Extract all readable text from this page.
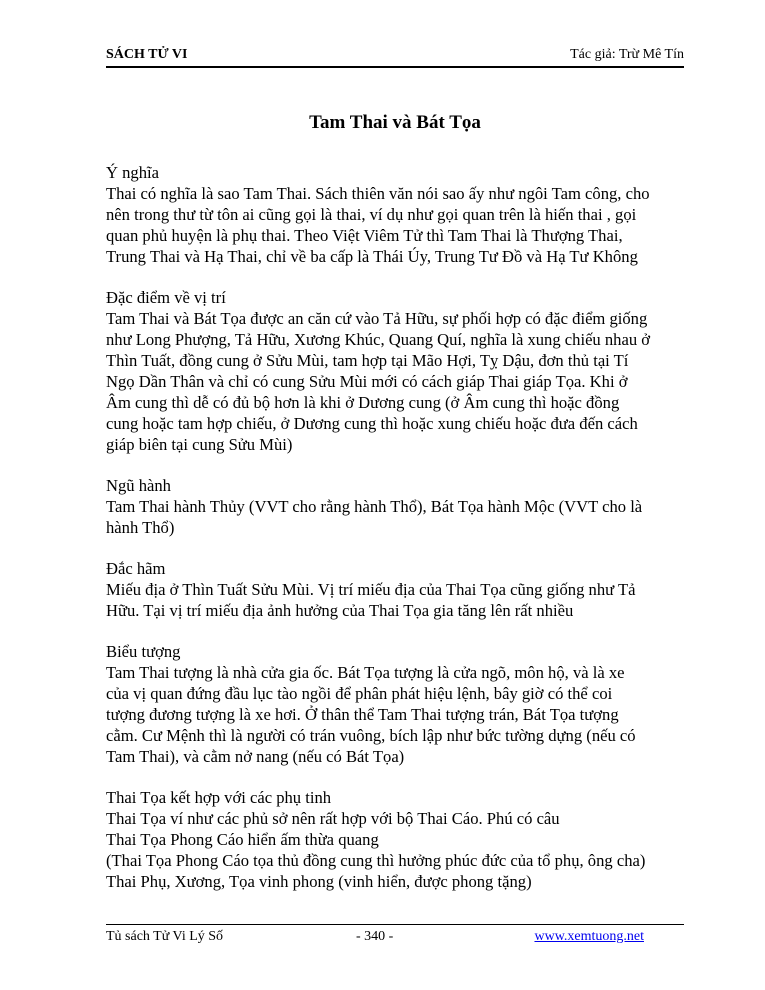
SÁCH TỬ VI	Tác giả: Trừ Mê Tín
Tam Thai và Bát Tọa

Ý nghĩa

Thai có nghĩa là sao Tam Thai. Sách thiên văn nói sao ấy như ngôi Tam công, cho

nên trong thư từ tôn ai cũng gọi là thai, ví dụ như gọi quan trên là hiến thai , gọi

quan phủ huyện là phụ thai. Theo Việt Viêm Tử thì Tam Thai là Thượng Thai,

Trung Thai và Hạ Thai, chỉ về ba cấp là Thái Úy, Trung Tư Đồ và Hạ Tư Không

Đặc điểm về vị trí

Tam Thai và Bát Tọa được an căn cứ vào Tả Hữu, sự phối hợp có đặc điểm giống

như Long Phượng, Tả Hữu, Xương Khúc, Quang Quí, nghĩa là xung chiếu nhau ở

Thìn Tuất, đồng cung ở Sửu Mùi, tam hợp tại Mão Hợi, Tỵ Dậu, đơn thủ tại Tí

Ngọ Dần Thân và chỉ có cung Sửu Mùi mới có cách giáp Thai giáp Tọa. Khi ở

Âm cung thì dễ có đủ bộ hơn là khi ở Dương cung (ở Âm cung thì hoặc đồng

cung hoặc tam hợp chiếu, ở Dương cung thì hoặc xung chiếu hoặc đưa đến cách

giáp biên tại cung Sửu Mùi)

Ngũ hành

Tam Thai hành Thủy (VVT cho rằng hành Thổ), Bát Tọa hành Mộc (VVT cho là

hành Thổ)

Đắc hãm

Miếu địa ở Thìn Tuất Sửu Mùi. Vị trí miếu địa của Thai Tọa cũng giống như Tả

Hữu. Tại vị trí miếu địa ảnh hưởng của Thai Tọa gia tăng lên rất nhiều

Biểu tượng

Tam Thai tượng là nhà cửa gia ốc. Bát Tọa tượng là cửa ngõ, môn hộ, và là xe

của vị quan đứng đầu lục tào ngồi để phân phát hiệu lệnh, bây giờ có thể coi

tượng đương tượng là xe hơi. Ở thân thể Tam Thai tượng trán, Bát Tọa tượng

cằm. Cư Mệnh thì là người có trán vuông, bích lập như bức tường dựng (nếu có

Tam Thai), và cằm nở nang (nếu có Bát Tọa)

Thai Tọa kết hợp với các phụ tinh

Thai Tọa ví như các phủ sở nên rất hợp với bộ Thai Cáo. Phú có câu

Thai Tọa Phong Cáo hiển ấm thừa quang

(Thai Tọa Phong Cáo tọa thủ đồng cung thì hưởng phúc đức của tổ phụ, ông cha)

Thai Phụ, Xương, Tọa vinh phong (vinh hiển, được phong tặng)

Tủ sách Tử Vi Lý Số	- 340 -	www.xemtuong.net
